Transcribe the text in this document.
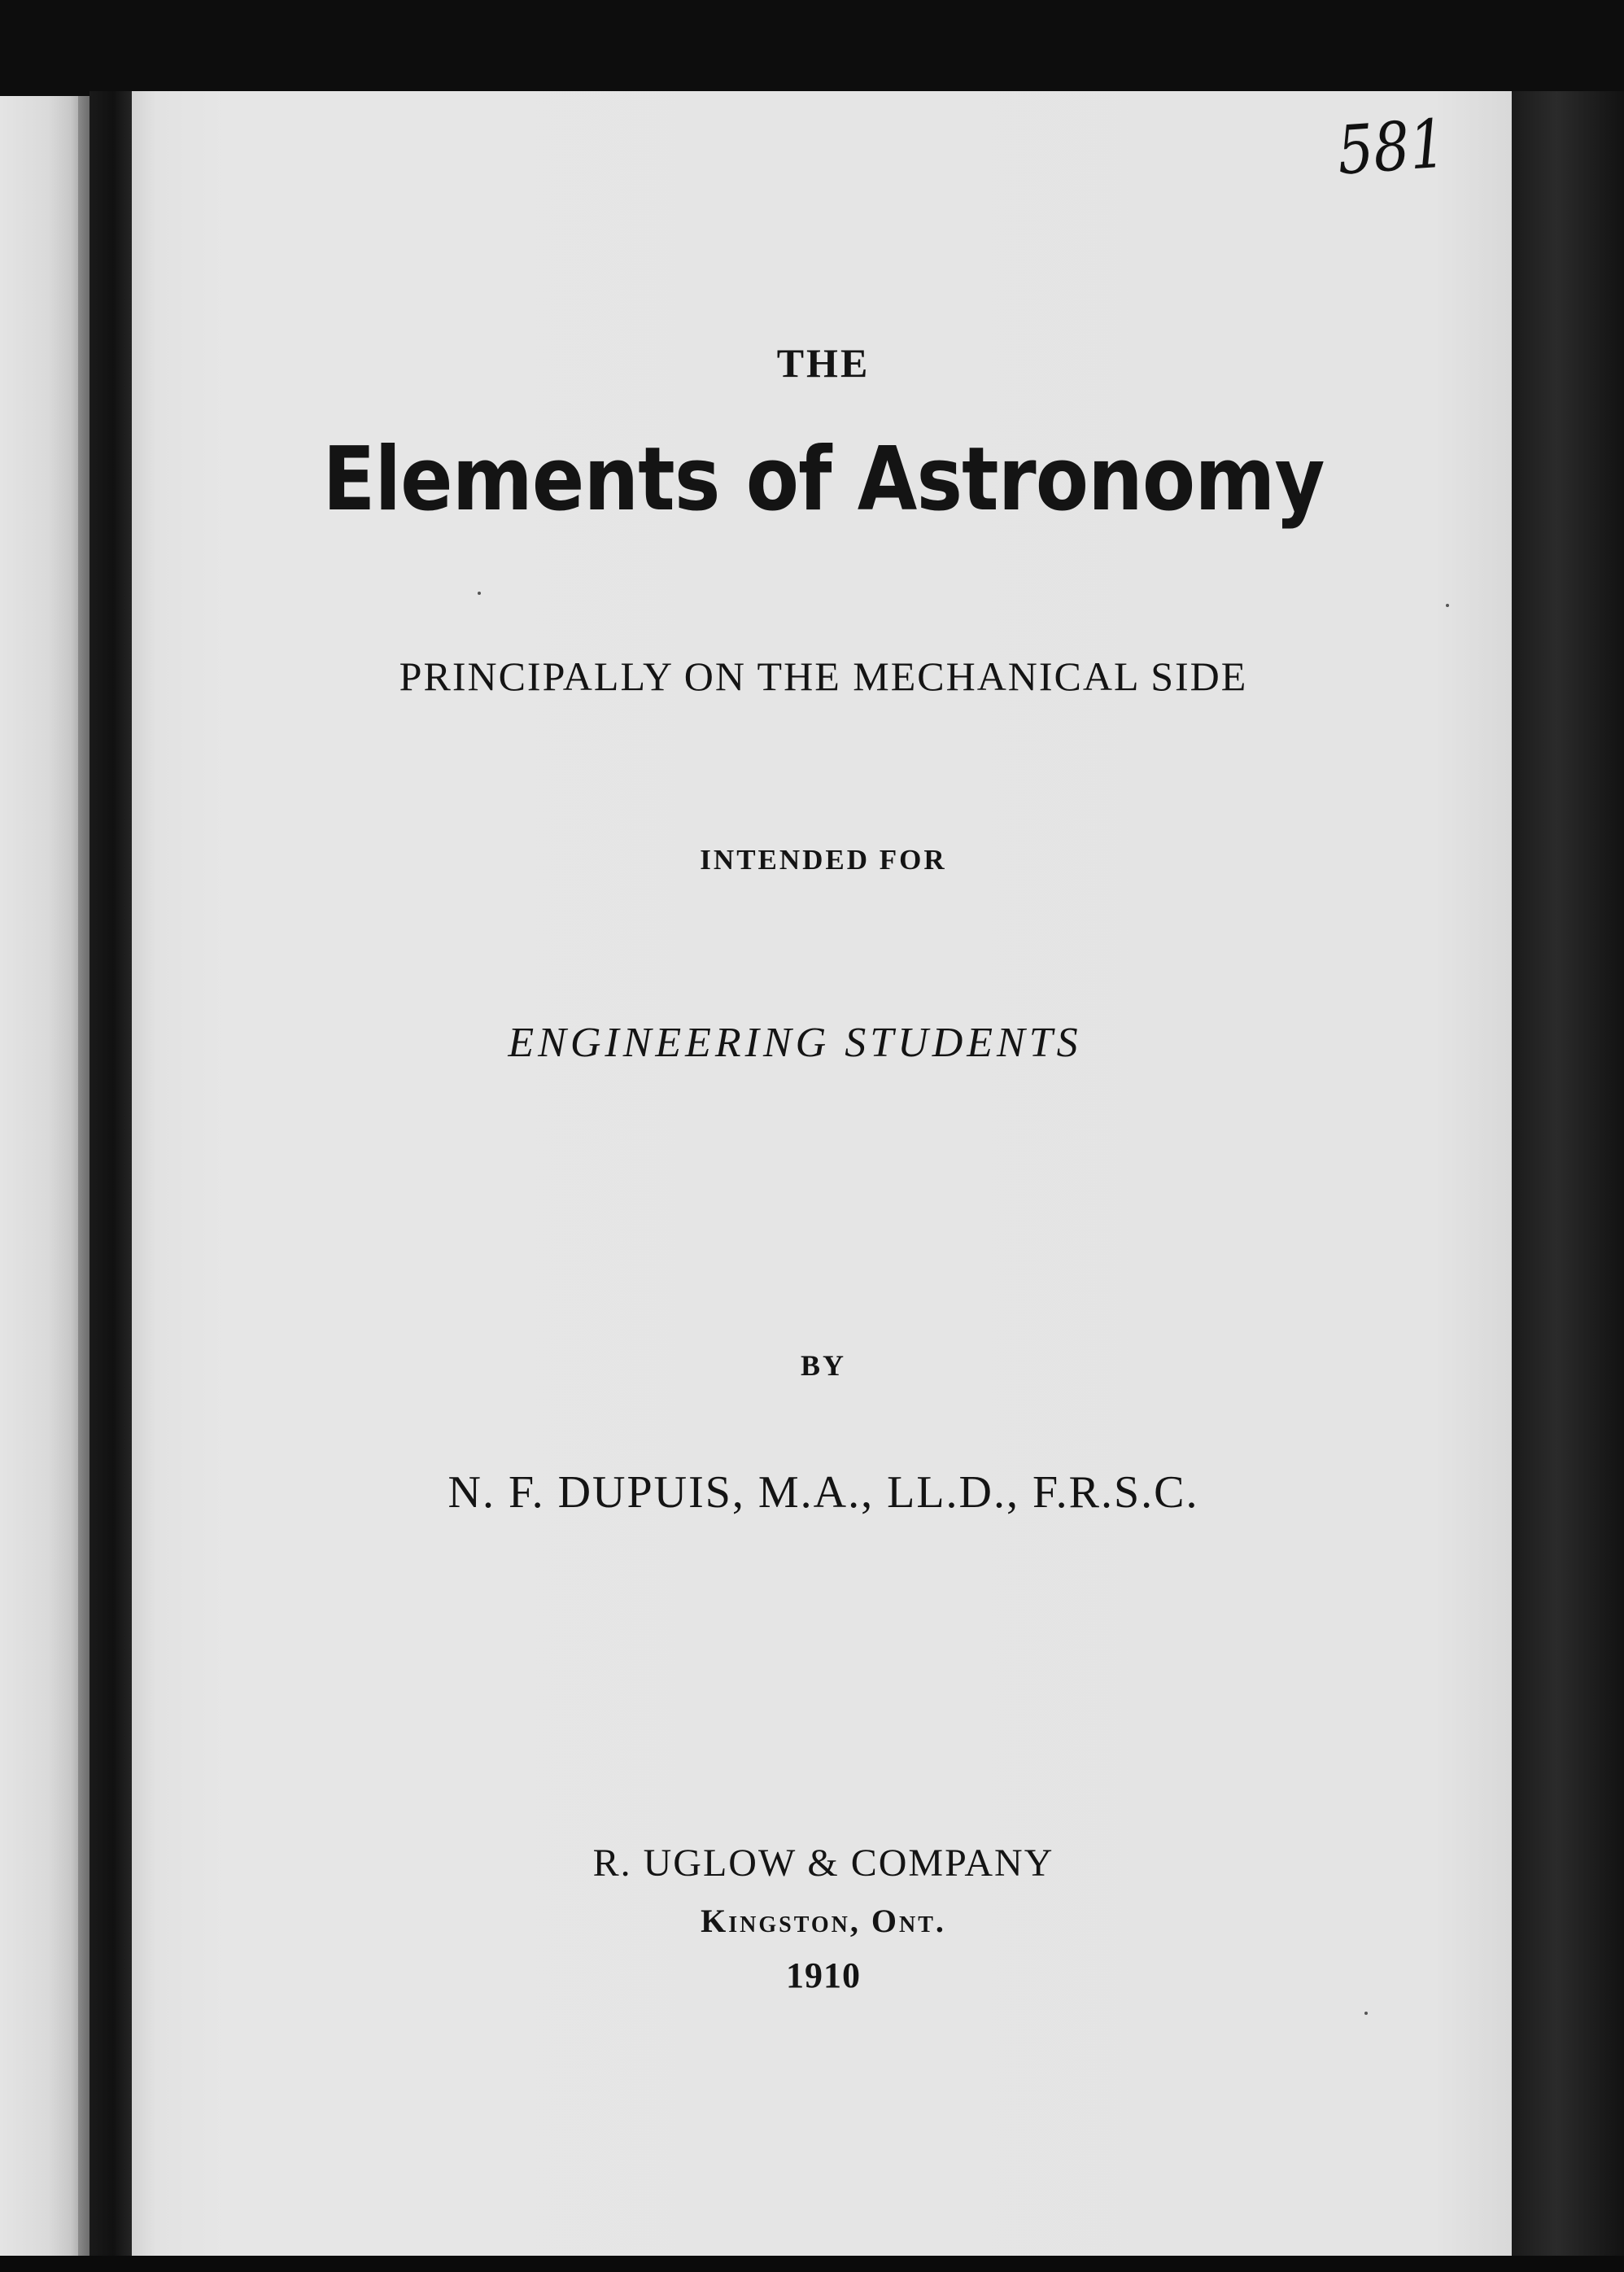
581

THE

Elements of Astronomy

PRINCIPALLY ON THE MECHANICAL SIDE

INTENDED FOR

ENGINEERING STUDENTS

BY

N. F. DUPUIS, M.A., LL.D., F.R.S.C.

R. UGLOW & COMPANY

Kingston, Ont.

1910
